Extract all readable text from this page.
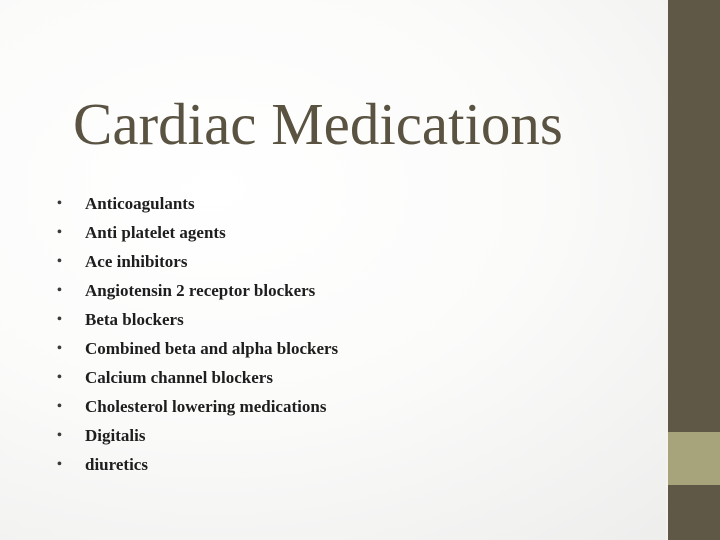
Cardiac Medications
•	Anticoagulants
•	Anti platelet agents
•	Ace inhibitors
•	Angiotensin 2 receptor blockers
•	Beta blockers
•	Combined beta and alpha blockers
•	Calcium channel blockers
•	Cholesterol lowering medications
•	Digitalis
•	diuretics
